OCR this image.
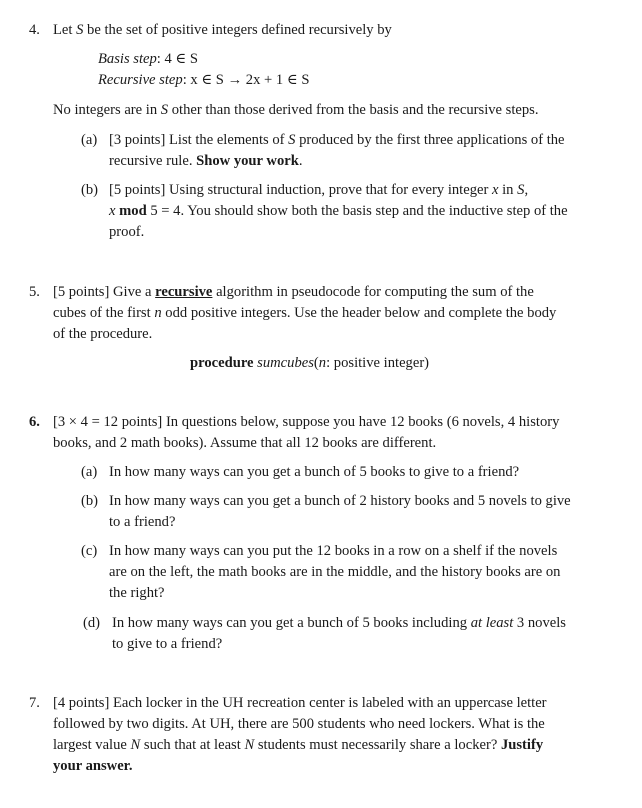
4. Let S be the set of positive integers defined recursively by
Basis step: 4 ∈ S
Recursive step: x ∈ S → 2x + 1 ∈ S
No integers are in S other than those derived from the basis and the recursive steps.
(a) [3 points] List the elements of S produced by the first three applications of the
recursive rule. Show your work.
(b) [5 points] Using structural induction, prove that for every integer x in S,
x mod 5 = 4. You should show both the basis step and the inductive step of the
proof.
5. [5 points] Give a recursive algorithm in pseudocode for computing the sum of the
cubes of the first n odd positive integers. Use the header below and complete the body
of the procedure.
procedure sumcubes(n: positive integer)
6. [3 × 4 = 12 points] In questions below, suppose you have 12 books (6 novels, 4 history
books, and 2 math books). Assume that all 12 books are different.
(a) In how many ways can you get a bunch of 5 books to give to a friend?
(b) In how many ways can you get a bunch of 2 history books and 5 novels to give
to a friend?
(c) In how many ways can you put the 12 books in a row on a shelf if the novels
are on the left, the math books are in the middle, and the history books are on
the right?
(d) In how many ways can you get a bunch of 5 books including at least 3 novels
to give to a friend?
7. [4 points] Each locker in the UH recreation center is labeled with an uppercase letter
followed by two digits. At UH, there are 500 students who need lockers. What is the
largest value N such that at least N students must necessarily share a locker? Justify
your answer.
